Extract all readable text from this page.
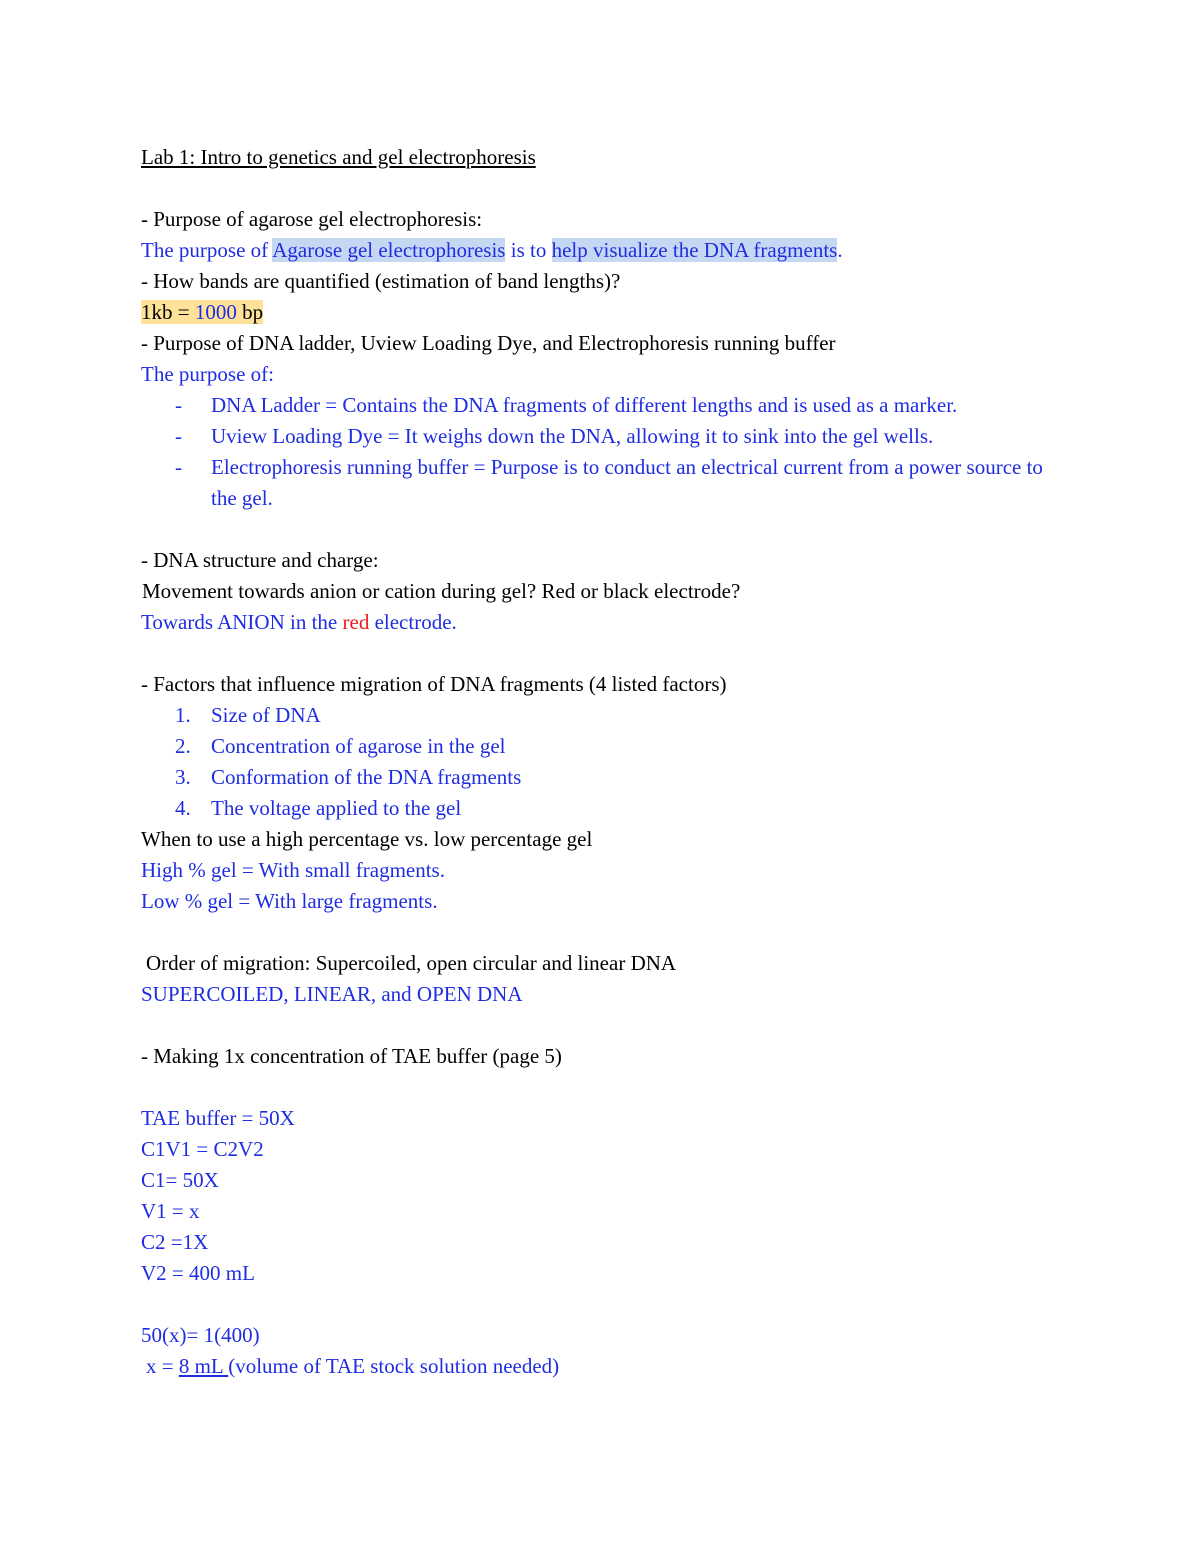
Lab 1: Intro to genetics and gel electrophoresis
- Purpose of agarose gel electrophoresis:
The purpose of Agarose gel electrophoresis is to help visualize the DNA fragments.
- How bands are quantified (estimation of band lengths)?
1kb = 1000 bp
- Purpose of DNA ladder, Uview Loading Dye, and Electrophoresis running buffer
The purpose of:
- DNA Ladder = Contains the DNA fragments of different lengths and is used as a marker.
- Uview Loading Dye = It weighs down the DNA, allowing it to sink into the gel wells.
- Electrophoresis running buffer = Purpose is to conduct an electrical current from a power source to the gel.
- DNA structure and charge:
Movement towards anion or cation during gel? Red or black electrode?
Towards ANION in the red electrode.
- Factors that influence migration of DNA fragments (4 listed factors)
1. Size of DNA
2. Concentration of agarose in the gel
3. Conformation of the DNA fragments
4. The voltage applied to the gel
When to use a high percentage vs. low percentage gel
High % gel = With small fragments.
Low % gel = With large fragments.
Order of migration: Supercoiled, open circular and linear DNA
SUPERCOILED, LINEAR, and OPEN DNA
- Making 1x concentration of TAE buffer (page 5)
TAE buffer = 50X
C1V1 = C2V2
C1= 50X
V1 = x
C2 =1X
V2 = 400 mL
50(x)= 1(400)
x = 8 mL (volume of TAE stock solution needed)
